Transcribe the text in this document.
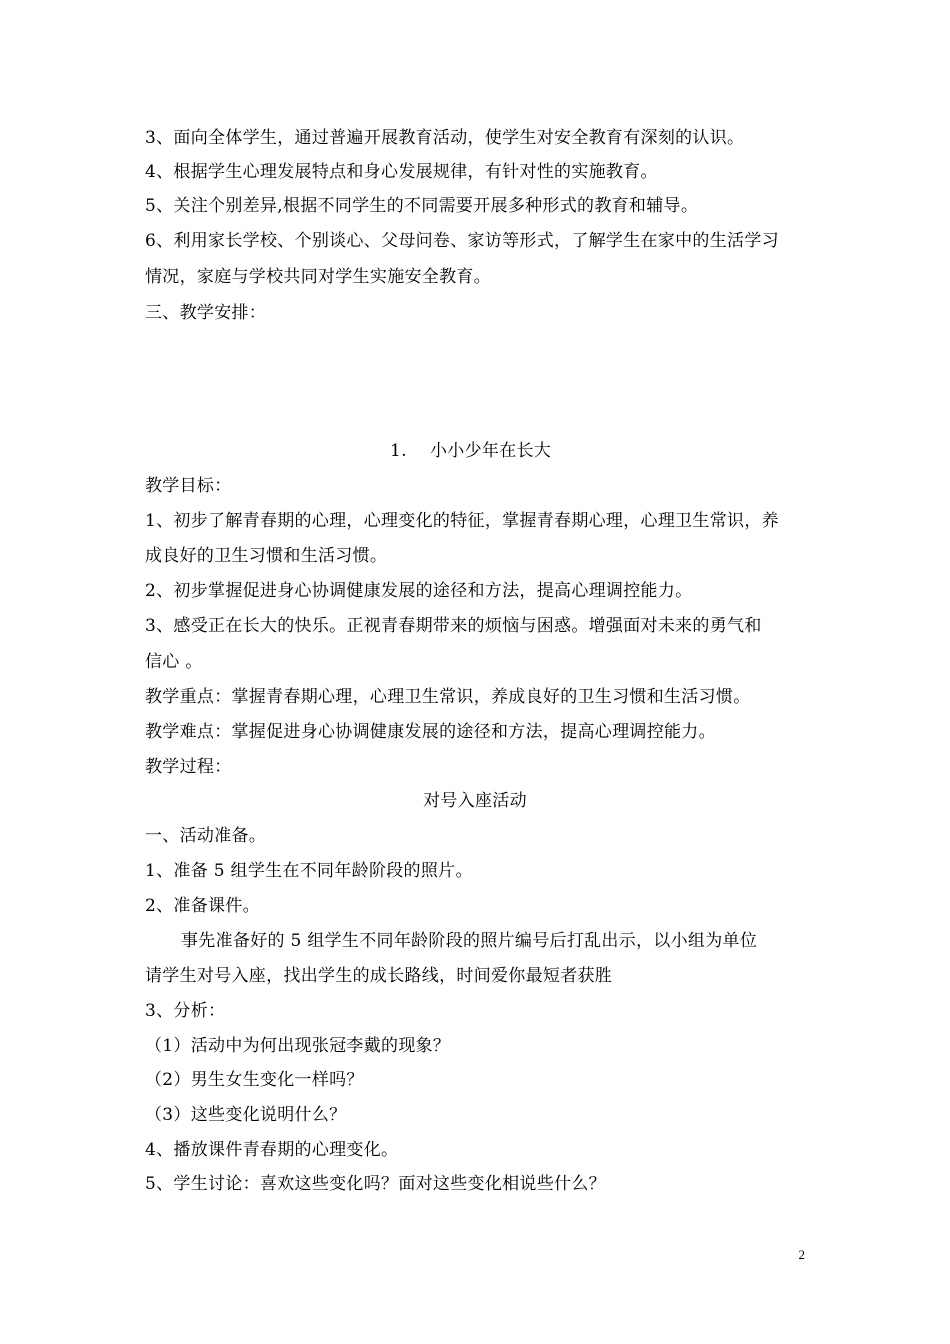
3、面向全体学生，通过普遍开展教育活动，使学生对安全教育有深刻的认识。
4、根据学生心理发展特点和身心发展规律，有针对性的实施教育。
5、关注个别差异,根据不同学生的不同需要开展多种形式的教育和辅导。
6、利用家长学校、个别谈心、父母问卷、家访等形式，了解学生在家中的生活学习
情况，家庭与学校共同对学生实施安全教育。
三、教学安排：
1. 小小少年在长大
教学目标：
1、初步了解青春期的心理，心理变化的特征，掌握青春期心理，心理卫生常识，养
成良好的卫生习惯和生活习惯。
2、初步掌握促进身心协调健康发展的途径和方法，提高心理调控能力。
3、感受正在长大的快乐。正视青春期带来的烦恼与困惑。增强面对未来的勇气和
信心 。
教学重点：掌握青春期心理，心理卫生常识，养成良好的卫生习惯和生活习惯。
教学难点：掌握促进身心协调健康发展的途径和方法，提高心理调控能力。
教学过程：
对号入座活动
一、活动准备。
1、准备 5 组学生在不同年龄阶段的照片。
2、准备课件。
事先准备好的 5 组学生不同年龄阶段的照片编号后打乱出示，以小组为单位
请学生对号入座，找出学生的成长路线，时间爱你最短者获胜
3、分析：
（1）活动中为何出现张冠李戴的现象？
（2）男生女生变化一样吗？
（3）这些变化说明什么？
4、播放课件青春期的心理变化。
5、学生讨论：喜欢这些变化吗？面对这些变化相说些什么？
2
